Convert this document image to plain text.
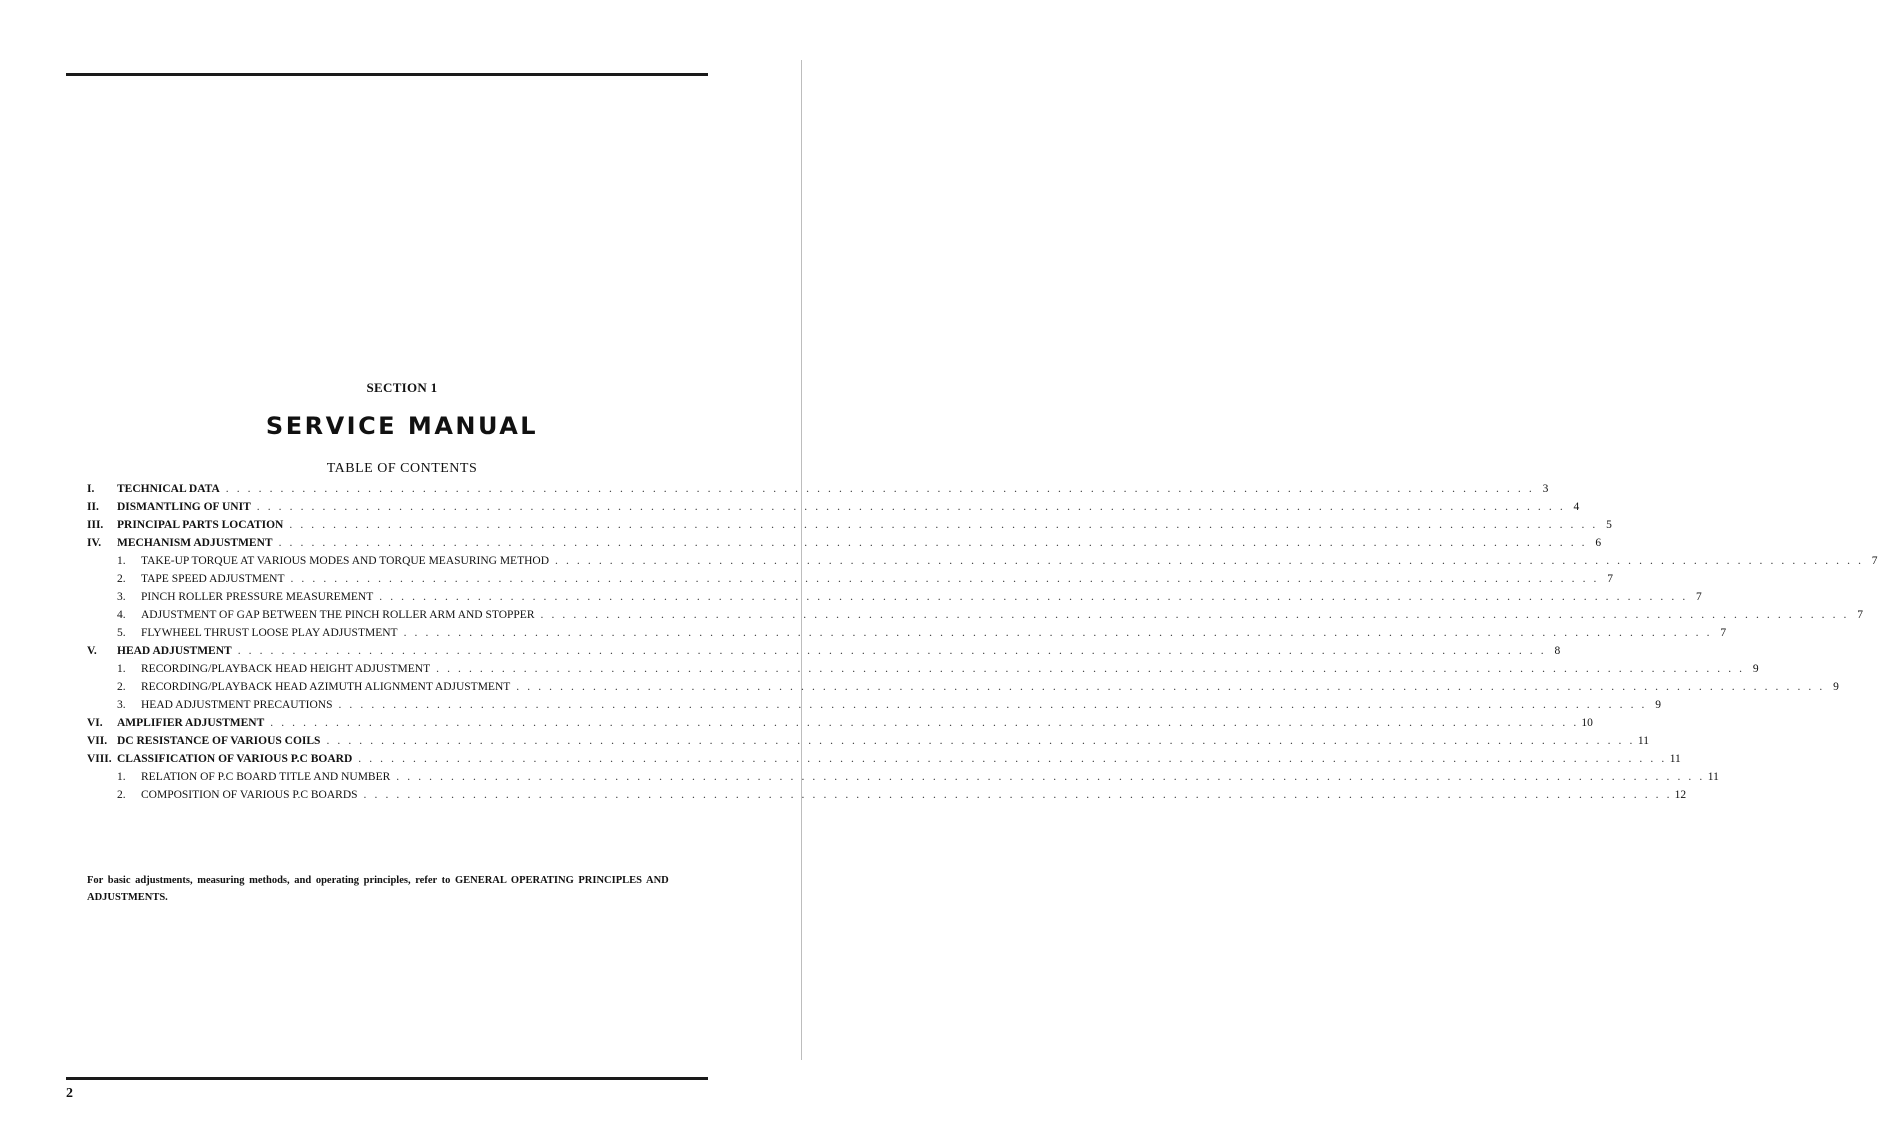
SECTION 1
SERVICE MANUAL
TABLE OF CONTENTS
I.	TECHNICAL DATA . . . . . . . . . . . . . . . . . . . . . . . . . . . . . . . . . . . . . . . . . . . . . . . . . . . . . . . . . . . . . . . . . . . . . . . . . . . . . . . . . . . . . . . . . . . . . . . . . . . . . . . . . . . . . . . . . . . . . . . . 3
II.	DISMANTLING OF UNIT . . . . . . . . . . . . . . . . . . . . . . . . . . . . . . . . . . . . . . . . . . . . . . . . . . . . . . . . . . . . . . . . . . . . . . . . . . . . . . . . . . . . . . . . . . . . . . . . . . . . . . . . . . . . . . . . . . . . . . . . 4
III.	PRINCIPAL PARTS LOCATION . . . . . . . . . . . . . . . . . . . . . . . . . . . . . . . . . . . . . . . . . . . . . . . . . . . . . . . . . . . . . . . . . . . . . . . . . . . . . . . . . . . . . . . . . . . . . . . . . . . . . . . . . . . . . . . . . . . . . . . . 5
IV.	MECHANISM ADJUSTMENT . . . . . . . . . . . . . . . . . . . . . . . . . . . . . . . . . . . . . . . . . . . . . . . . . . . . . . . . . . . . . . . . . . . . . . . . . . . . . . . . . . . . . . . . . . . . . . . . . . . . . . . . . . . . . . . . . . . . . . . . 6
1.	TAKE-UP TORQUE AT VARIOUS MODES AND TORQUE MEASURING METHOD . . . . . . . . . . . . . . . . . . . . . . . . . . . . . . . . . . . . . . . . . . . . . . . . . . . . . . . . . . . . . . . . . . . . . . . . . . . . . . . . . . . . . . . . . . . . . . . . . . . . . . . . . . . . . . . . . . . . . . . . 7
2.	TAPE SPEED ADJUSTMENT . . . . . . . . . . . . . . . . . . . . . . . . . . . . . . . . . . . . . . . . . . . . . . . . . . . . . . . . . . . . . . . . . . . . . . . . . . . . . . . . . . . . . . . . . . . . . . . . . . . . . . . . . . . . . . . . . . . . . . . . 7
3.	PINCH ROLLER PRESSURE MEASUREMENT . . . . . . . . . . . . . . . . . . . . . . . . . . . . . . . . . . . . . . . . . . . . . . . . . . . . . . . . . . . . . . . . . . . . . . . . . . . . . . . . . . . . . . . . . . . . . . . . . . . . . . . . . . . . . . . . . . . . . . . . 7
4.	ADJUSTMENT OF GAP BETWEEN THE PINCH ROLLER ARM AND STOPPER . . . . . . . . . . . . . . . . . . . . . . . . . . . . . . . . . . . . . . . . . . . . . . . . . . . . . . . . . . . . . . . . . . . . . . . . . . . . . . . . . . . . . . . . . . . . . . . . . . . . . . . . . . . . . . . . . . . . . . . . 7
5.	FLYWHEEL THRUST LOOSE PLAY ADJUSTMENT . . . . . . . . . . . . . . . . . . . . . . . . . . . . . . . . . . . . . . . . . . . . . . . . . . . . . . . . . . . . . . . . . . . . . . . . . . . . . . . . . . . . . . . . . . . . . . . . . . . . . . . . . . . . . . . . . . . . . . . . 7
V.	HEAD ADJUSTMENT . . . . . . . . . . . . . . . . . . . . . . . . . . . . . . . . . . . . . . . . . . . . . . . . . . . . . . . . . . . . . . . . . . . . . . . . . . . . . . . . . . . . . . . . . . . . . . . . . . . . . . . . . . . . . . . . . . . . . . . . 8
1.	RECORDING/PLAYBACK HEAD HEIGHT ADJUSTMENT . . . . . . . . . . . . . . . . . . . . . . . . . . . . . . . . . . . . . . . . . . . . . . . . . . . . . . . . . . . . . . . . . . . . . . . . . . . . . . . . . . . . . . . . . . . . . . . . . . . . . . . . . . . . . . . . . . . . . . . . 9
2.	RECORDING/PLAYBACK HEAD AZIMUTH ALIGNMENT ADJUSTMENT . . . . . . . . . . . . . . . . . . . . . . . . . . . . . . . . . . . . . . . . . . . . . . . . . . . . . . . . . . . . . . . . . . . . . . . . . . . . . . . . . . . . . . . . . . . . . . . . . . . . . . . . . . . . . . . . . . . . . . . . 9
3.	HEAD ADJUSTMENT PRECAUTIONS . . . . . . . . . . . . . . . . . . . . . . . . . . . . . . . . . . . . . . . . . . . . . . . . . . . . . . . . . . . . . . . . . . . . . . . . . . . . . . . . . . . . . . . . . . . . . . . . . . . . . . . . . . . . . . . . . . . . . . . . 9
VI.	AMPLIFIER ADJUSTMENT . . . . . . . . . . . . . . . . . . . . . . . . . . . . . . . . . . . . . . . . . . . . . . . . . . . . . . . . . . . . . . . . . . . . . . . . . . . . . . . . . . . . . . . . . . . . . . . . . . . . . . . . . . . . . . . . . . . . . . . . 10
VII. DC RESISTANCE OF VARIOUS COILS . . . . . . . . . . . . . . . . . . . . . . . . . . . . . . . . . . . . . . . . . . . . . . . . . . . . . . . . . . . . . . . . . . . . . . . . . . . . . . . . . . . . . . . . . . . . . . . . . . . . . . . . . . . . . . . . . . . . . . . . 11
VIII. CLASSIFICATION OF VARIOUS P.C BOARD . . . . . . . . . . . . . . . . . . . . . . . . . . . . . . . . . . . . . . . . . . . . . . . . . . . . . . . . . . . . . . . . . . . . . . . . . . . . . . . . . . . . . . . . . . . . . . . . . . . . . . . . . . . . . . . . . . . . . . . . 11
1.	RELATION OF P.C BOARD TITLE AND NUMBER . . . . . . . . . . . . . . . . . . . . . . . . . . . . . . . . . . . . . . . . . . . . . . . . . . . . . . . . . . . . . . . . . . . . . . . . . . . . . . . . . . . . . . . . . . . . . . . . . . . . . . . . . . . . . . . . . . . . . . . . 11
2.	COMPOSITION OF VARIOUS P.C BOARDS . . . . . . . . . . . . . . . . . . . . . . . . . . . . . . . . . . . . . . . . . . . . . . . . . . . . . . . . . . . . . . . . . . . . . . . . . . . . . . . . . . . . . . . . . . . . . . . . . . . . . . . . . . . . . . . . . . . . . . . . 12
For basic adjustments, measuring methods, and operating principles, refer to GENERAL OPERATING PRINCIPLES AND ADJUSTMENTS.
2
